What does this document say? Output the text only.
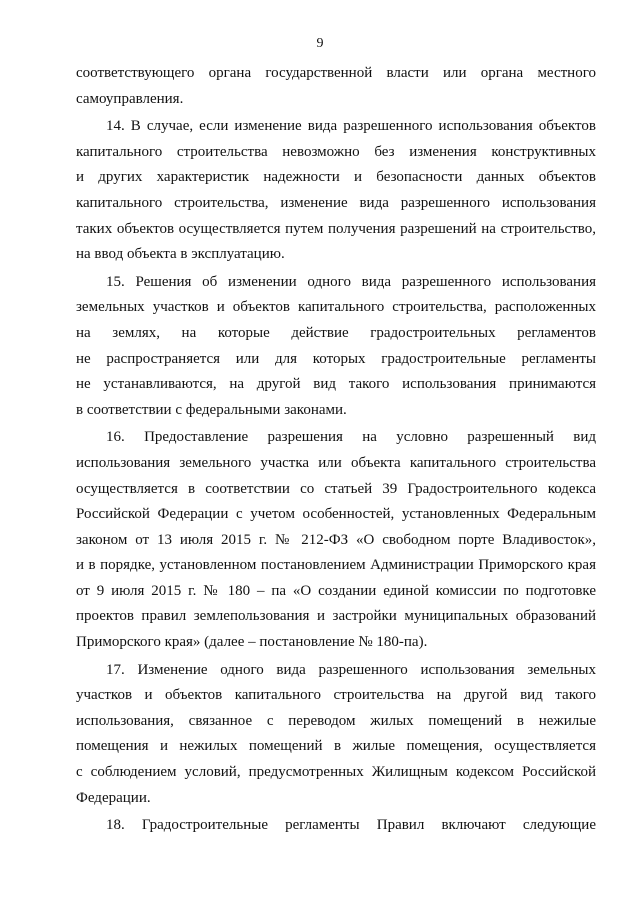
9
соответствующего органа государственной власти или органа местного
самоуправления.
14. В случае, если изменение вида разрешенного использования объектов
капитального строительства невозможно без изменения конструктивных
и других характеристик надежности и безопасности данных объектов
капитального строительства, изменение вида разрешенного использования
таких объектов осуществляется путем получения разрешений на строительство,
на ввод объекта в эксплуатацию.
15. Решения об изменении одного вида разрешенного использования
земельных участков и объектов капитального строительства, расположенных
на землях, на которые действие градостроительных регламентов
не распространяется или для которых градостроительные регламенты
не устанавливаются, на другой вид такого использования принимаются
в соответствии с федеральными законами.
16. Предоставление разрешения на условно разрешенный вид
использования земельного участка или объекта капитального строительства
осуществляется в соответствии со статьей 39 Градостроительного кодекса
Российской Федерации с учетом особенностей, установленных Федеральным
законом от 13 июля 2015 г. № 212-ФЗ «О свободном порте Владивосток»,
и в порядке, установленном постановлением Администрации Приморского края
от 9 июля 2015 г. № 180 – па «О создании единой комиссии по подготовке
проектов правил землепользования и застройки муниципальных образований
Приморского края» (далее – постановление № 180-па).
17. Изменение одного вида разрешенного использования земельных
участков и объектов капитального строительства на другой вид такого
использования, связанное с переводом жилых помещений в нежилые
помещения и нежилых помещений в жилые помещения, осуществляется
с соблюдением условий, предусмотренных Жилищным кодексом Российской
Федерации.
18. Градостроительные регламенты Правил включают следующие
